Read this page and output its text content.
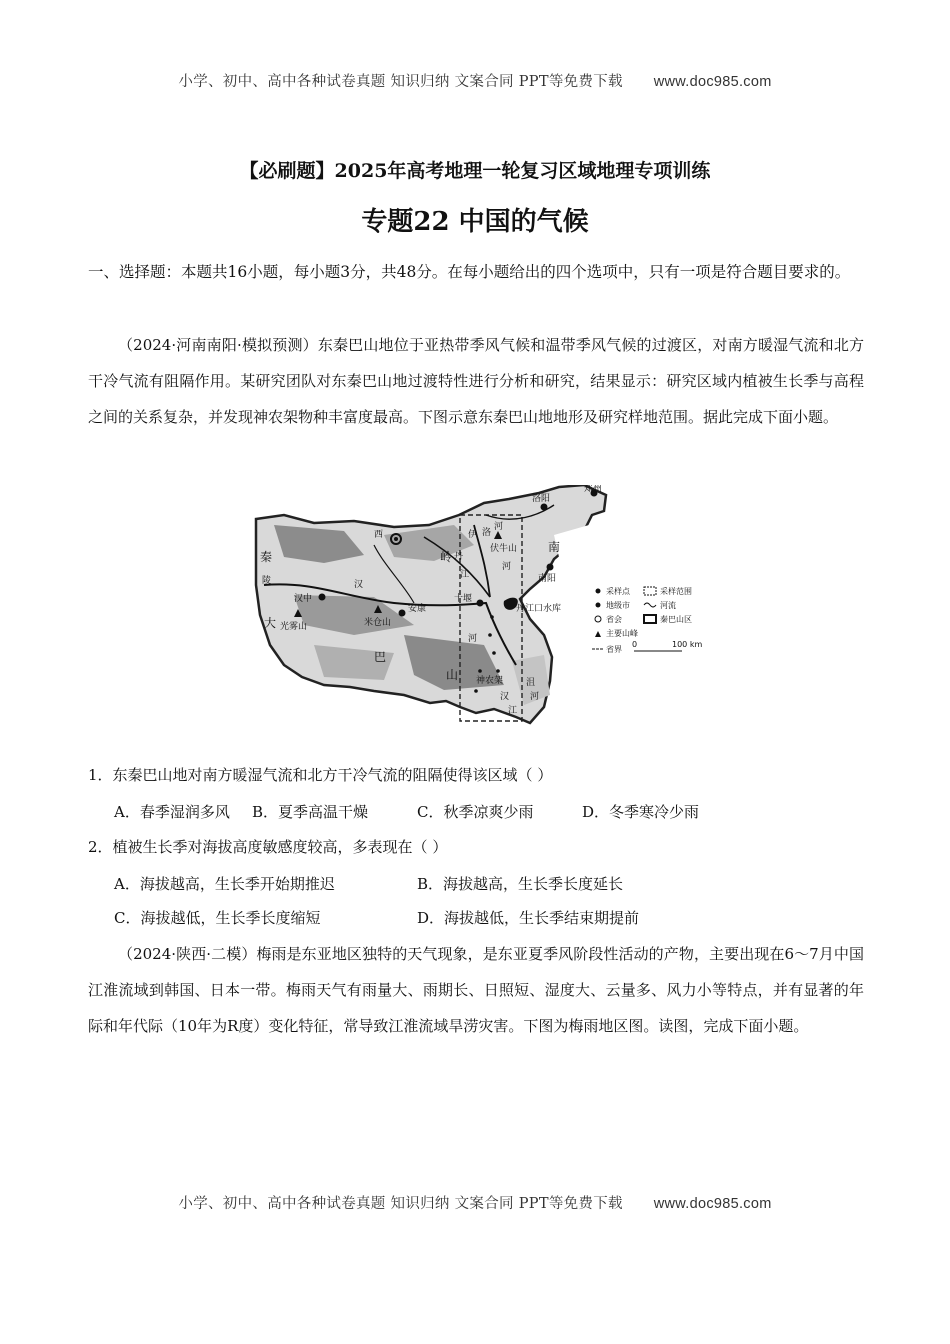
小学、初中、高中各种试卷真题 知识归纳 文案合同 PPT等免费下载 www.doc985.com
【必刷题】2025年高考地理一轮复习区域地理专项训练
专题22 中国的气候
一、选择题：本题共16小题，每小题3分，共48分。在每小题给出的四个选项中，只有一项是符合题目要求的。
（2024·河南南阳·模拟预测）东秦巴山地位于亚热带季风气候和温带季风气候的过渡区，对南方暖湿气流和北方干冷气流有阻隔作用。某研究团队对东秦巴山地过渡特性进行分析和研究，结果显示：研究区域内植被生长季与高程之间的关系复杂，并发现神农架物种丰富度最高。下图示意东秦巴山地地形及研究样地范围。据此完成下面小题。
郑州
洛阳
西
秦	岭
伊 洛
河
伏牛山
河
南
丹
江	南阳
陵	汉
汉中
安康
米仓山
大 光雾山
十堰
丹江口水库
河
山 神农架
巴
汉
江
沮
河
采样点	采样范围
地级市	河流
省会	秦巴山区
主要山峰
省界
0	100 km
1．东秦巴山地对南方暖湿气流和北方干冷气流的阻隔使得该区域（ ）
A．春季湿润多风 B．夏季高温干燥	C．秋季凉爽少雨	D．冬季寒冷少雨
2．植被生长季对海拔高度敏感度较高，多表现在（ ）
A．海拔越高，生长季开始期推迟	B．海拔越高，生长季长度延长
C．海拔越低，生长季长度缩短	D．海拔越低，生长季结束期提前
（2024·陕西·二模）梅雨是东亚地区独特的天气现象，是东亚夏季风阶段性活动的产物，主要出现在6～7月中国江淮流域到韩国、日本一带。梅雨天气有雨量大、雨期长、日照短、湿度大、云量多、风力小等特点，并有显著的年际和年代际（10年为R度）变化特征，常导致江淮流域旱涝灾害。下图为梅雨地区图。读图，完成下面小题。
小学、初中、高中各种试卷真题 知识归纳 文案合同 PPT等免费下载 www.doc985.com
